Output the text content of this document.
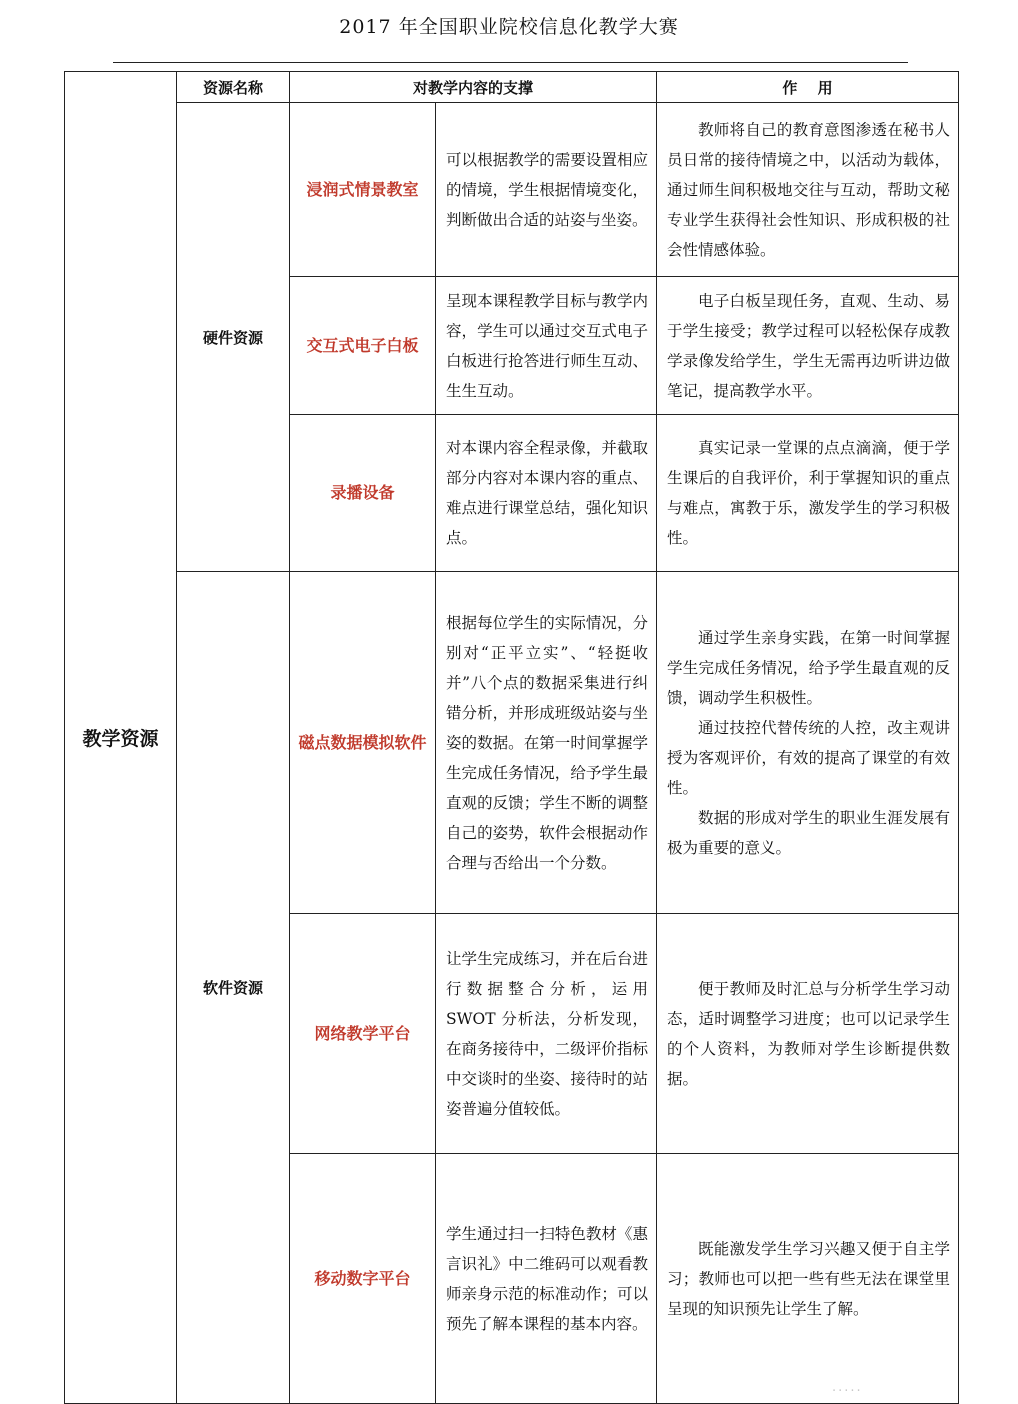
2017 年全国职业院校信息化教学大赛
教学资源	资源名称	对教学内容的支撑		作　 用
	硬件资源	浸润式情景教室	可以根据教学的需要设置相应的情境，学生根据情境变化，判断做出合适的站姿与坐姿。	教师将自己的教育意图渗透在秘书人员日常的接待情境之中，以活动为载体，通过师生间积极地交往与互动，帮助文秘专业学生获得社会性知识、形成积极的社会性情感体验。

		交互式电子白板	呈现本课程教学目标与教学内容，学生可以通过交互式电子白板进行抢答进行师生互动、生生互动。	电子白板呈现任务，直观、生动、易于学生接受；教学过程可以轻松保存成教学录像发给学生，学生无需再边听讲边做笔记，提高教学水平。

		录播设备	对本课内容全程录像，并截取部分内容对本课内容的重点、难点进行课堂总结，强化知识点。	真实记录一堂课的点点滴滴，便于学生课后的自我评价，利于掌握知识的重点与难点，寓教于乐，激发学生的学习积极性。

	软件资源	磁点数据模拟软件	根据每位学生的实际情况，分别对“正平立实”、“轻挺收并”八个点的数据采集进行纠错分析，并形成班级站姿与坐姿的数据。在第一时间掌握学生完成任务情况，给予学生最直观的反馈；学生不断的调整自己的姿势，软件会根据动作合理与否给出一个分数。	通过学生亲身实践，在第一时间掌握学生完成任务情况，给予学生最直观的反馈，调动学生积极性。

通过技控代替传统的人控，改主观讲授为客观评价，有效的提高了课堂的有效性。

数据的形成对学生的职业生涯发展有极为重要的意义。

		网络教学平台	让学生完成练习，并在后台进行数据整合分析，运用 SWOT 分析法，分析发现，在商务接待中，二级评价指标中交谈时的坐姿、接待时的站姿普遍分值较低。	便于教师及时汇总与分析学生学习动态，适时调整学习进度；也可以记录学生的个人资料，为教师对学生诊断提供数据。

		移动数字平台	学生通过扫一扫特色教材《惠言识礼》中二维码可以观看教师亲身示范的标准动作；可以预先了解本课程的基本内容。	既能激发学生学习兴趣又便于自主学习；教师也可以把一些有些无法在课堂里呈现的知识预先让学生了解。

·····
